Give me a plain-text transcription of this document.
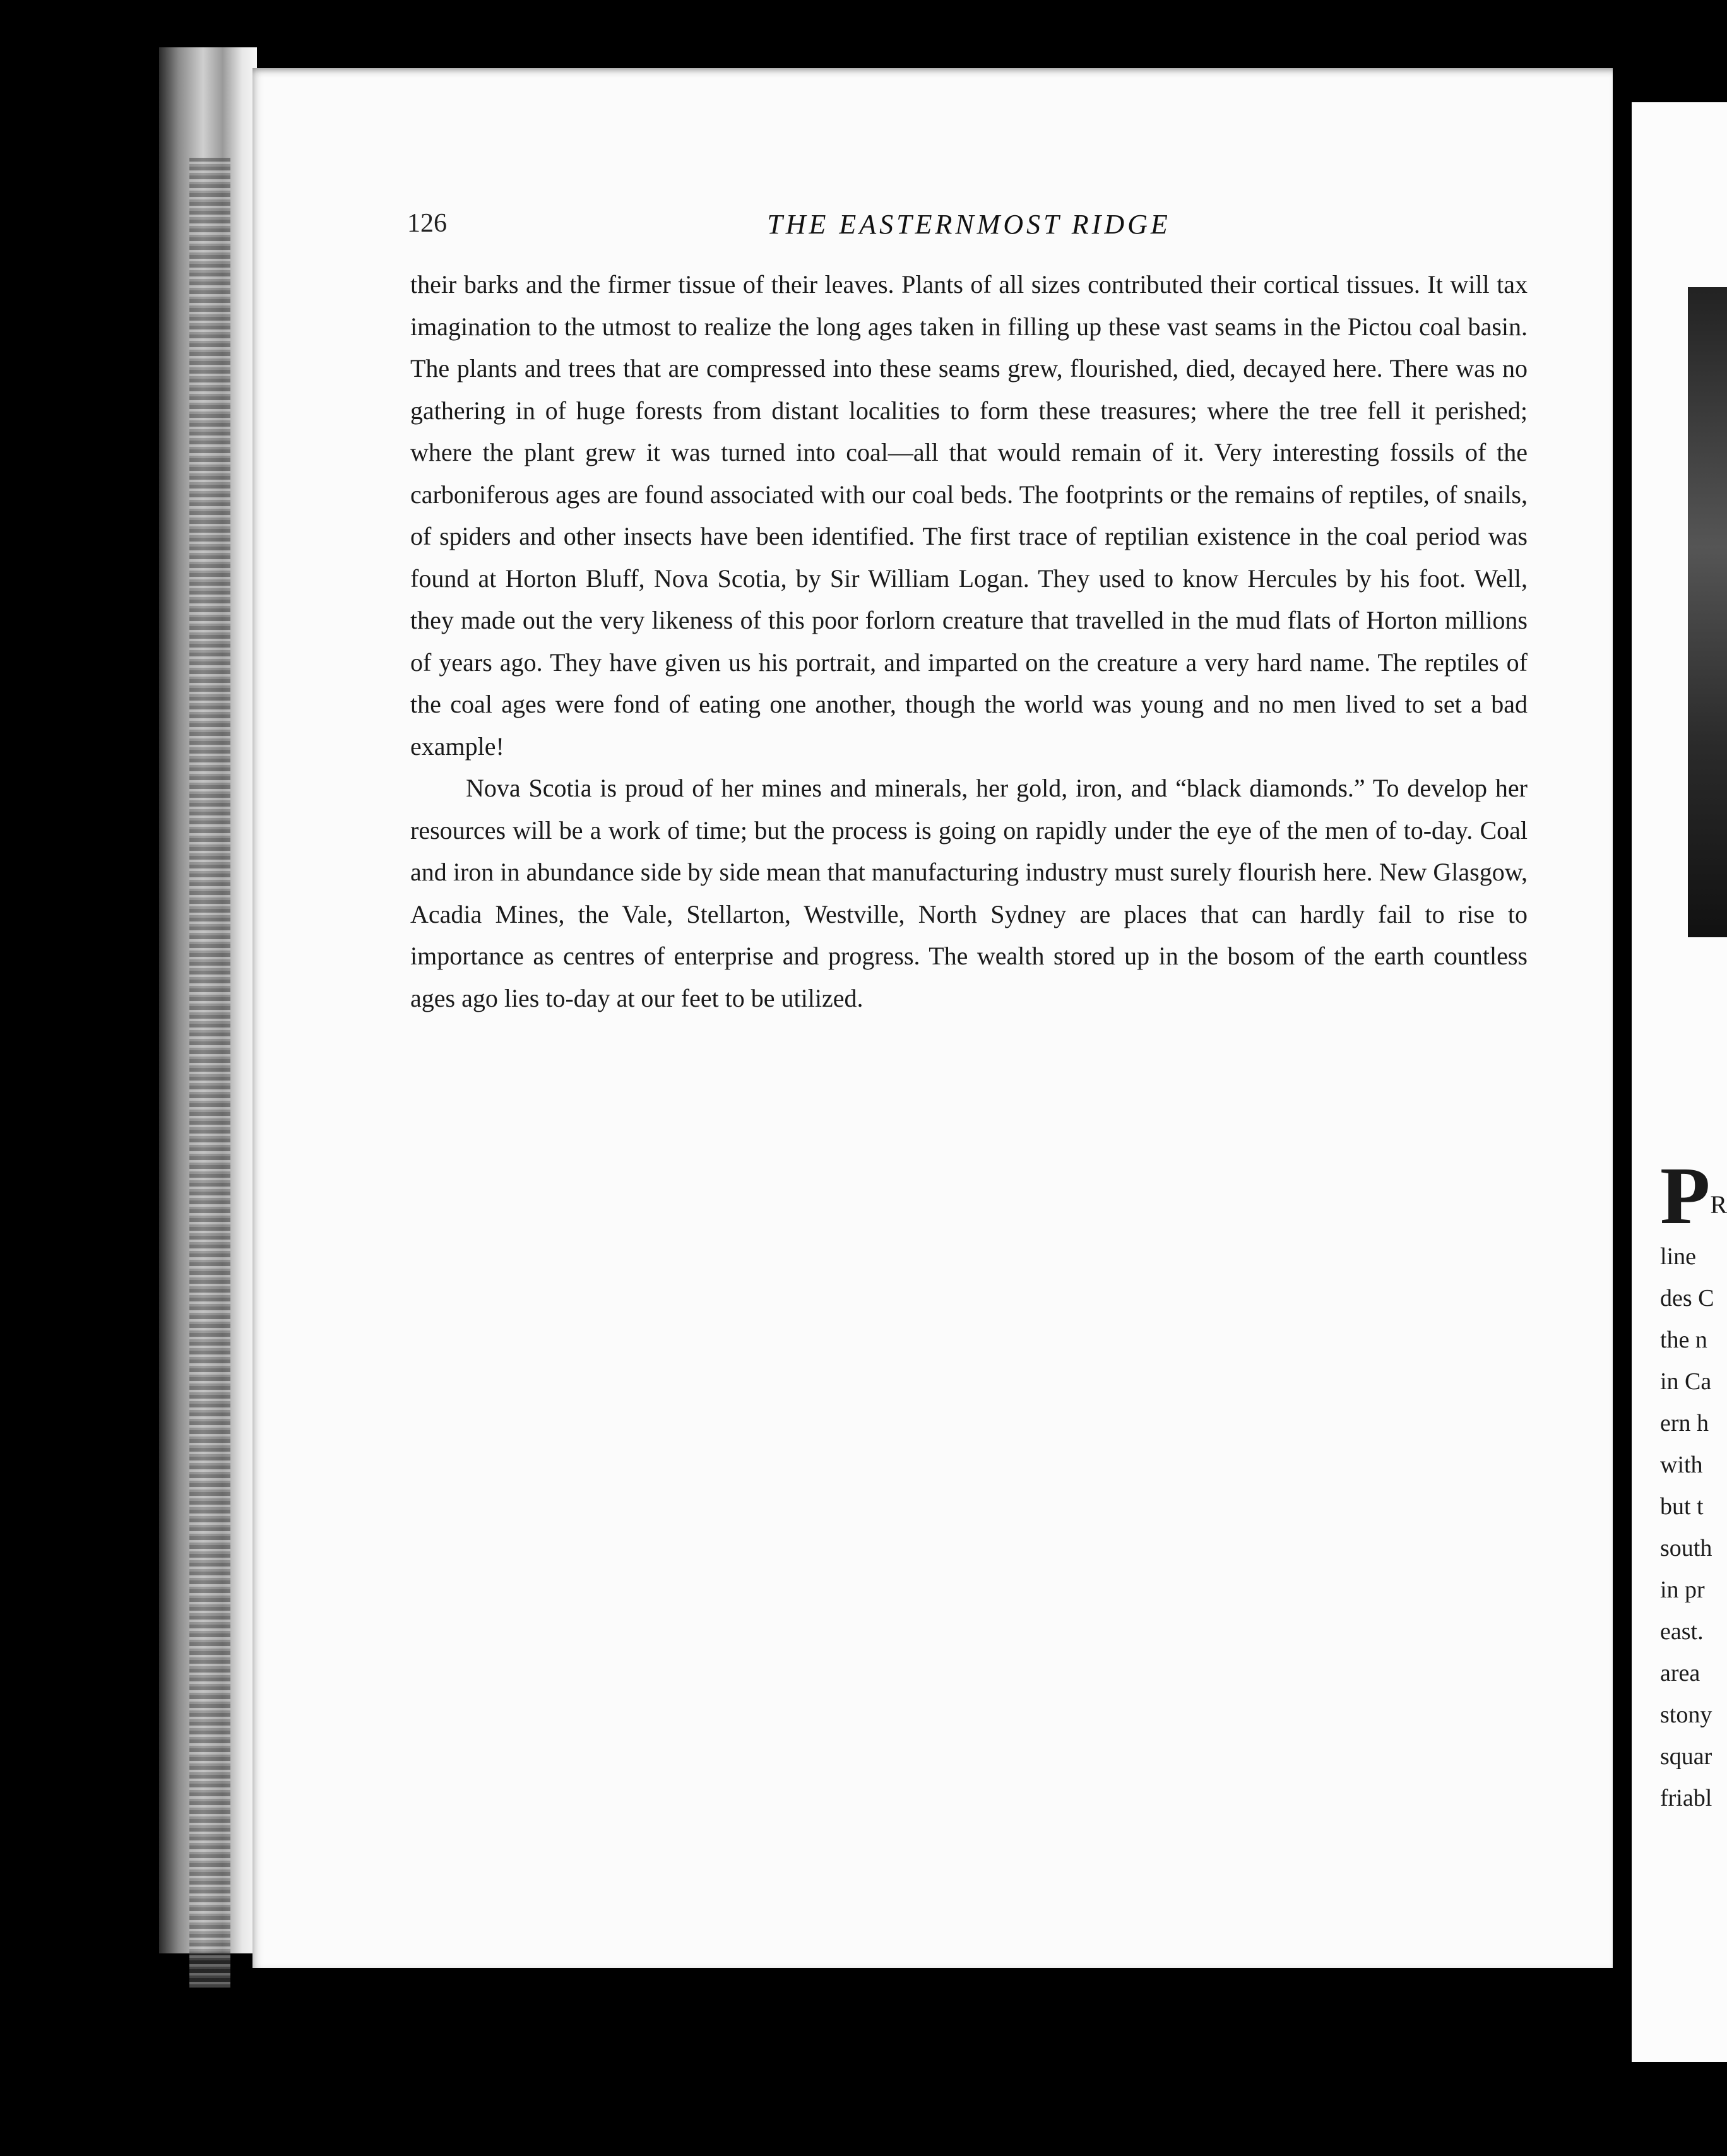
126	THE EASTERNMOST RIDGE

their barks and the firmer tissue of their leaves. Plants of all sizes contributed their cortical tissues. It will tax imagination to the utmost to realize the long ages taken in filling up these vast seams in the Pictou coal basin. The plants and trees that are compressed into these seams grew, flourished, died, decayed here. There was no gathering in of huge forests from distant localities to form these treasures; where the tree fell it perished; where the plant grew it was turned into coal—all that would remain of it. Very interesting fossils of the carboniferous ages are found associated with our coal beds. The footprints or the remains of reptiles, of snails, of spiders and other insects have been identified. The first trace of reptilian existence in the coal period was found at Horton Bluff, Nova Scotia, by Sir William Logan. They used to know Hercules by his foot. Well, they made out the very likeness of this poor forlorn creature that travelled in the mud flats of Horton millions of years ago. They have given us his portrait, and imparted on the creature a very hard name. The reptiles of the coal ages were fond of eating one another, though the world was young and no men lived to set a bad example!

Nova Scotia is proud of her mines and minerals, her gold, iron, and “black diamonds.” To develop her resources will be a work of time; but the process is going on rapidly under the eye of the men of to-day. Coal and iron in abundance side by side mean that manufacturing industry must surely flourish here. New Glasgow, Acadia Mines, the Vale, Stellarton, Westville, North Sydney are places that can hardly fail to rise to importance as centres of enterprise and progress. The wealth stored up in the bosom of the earth countless ages ago lies to-day at our feet to be utilized.

$P^R$
line
des C
the n
in Ca
ern h
with
but t
south
in pr
east.
area
stony
squar
friabl
